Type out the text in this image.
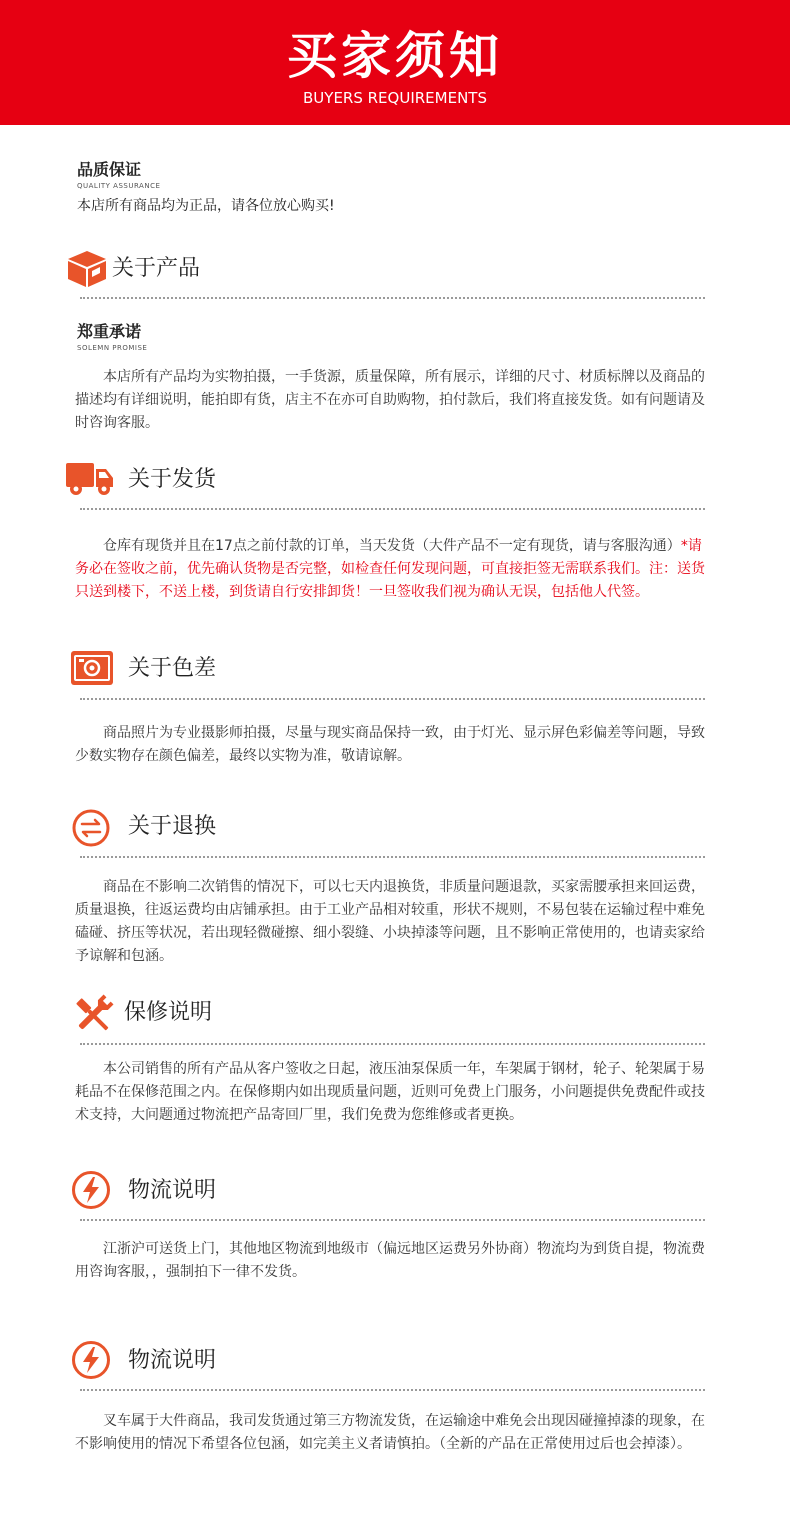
买家须知
BUYERS REQUIREMENTS
品质保证
QUALITY ASSURANCE
本店所有商品均为正品，请各位放心购买!
关于产品
郑重承诺
SOLEMN PROMISE
本店所有产品均为实物拍摄，一手货源，质量保障，所有展示，详细的尺寸、材质标牌以及商品的描述均有详细说明，能拍即有货，店主不在亦可自助购物，拍付款后，我们将直接发货。如有问题请及时咨询客服。
关于发货
仓库有现货并且在17点之前付款的订单，当天发货（大件产品不一定有现货，请与客服沟通）*请务必在签收之前，优先确认货物是否完整，如检查任何发现问题，可直接拒签无需联系我们。注：送货只送到楼下，不送上楼，到货请自行安排卸货！一旦签收我们视为确认无误，包括他人代签。
关于色差
商品照片为专业摄影师拍摄，尽量与现实商品保持一致，由于灯光、显示屏色彩偏差等问题，导致少数实物存在颜色偏差，最终以实物为准，敬请谅解。
关于退换
商品在不影响二次销售的情况下，可以七天内退换货，非质量问题退款，买家需腰承担来回运费，质量退换，往返运费均由店铺承担。由于工业产品相对较重，形状不规则，不易包装在运输过程中难免磕碰、挤压等状况，若出现轻微碰擦、细小裂缝、小块掉漆等问题，且不影响正常使用的，也请卖家给予谅解和包涵。
保修说明
本公司销售的所有产品从客户签收之日起，液压油泵保质一年，车架属于钢材，轮子、轮架属于易耗品不在保修范围之内。在保修期内如出现质量问题，近则可免费上门服务，小问题提供免费配件或技术支持，大问题通过物流把产品寄回厂里，我们免费为您维修或者更换。
物流说明
江浙沪可送货上门，其他地区物流到地级市（偏远地区运费另外协商）物流均为到货自提，物流费用咨询客服，，强制拍下一律不发货。
物流说明
叉车属于大件商品，我司发货通过第三方物流发货，在运输途中难免会出现因碰撞掉漆的现象，在不影响使用的情况下希望各位包涵，如完美主义者请慎拍。（全新的产品在正常使用过后也会掉漆）。
